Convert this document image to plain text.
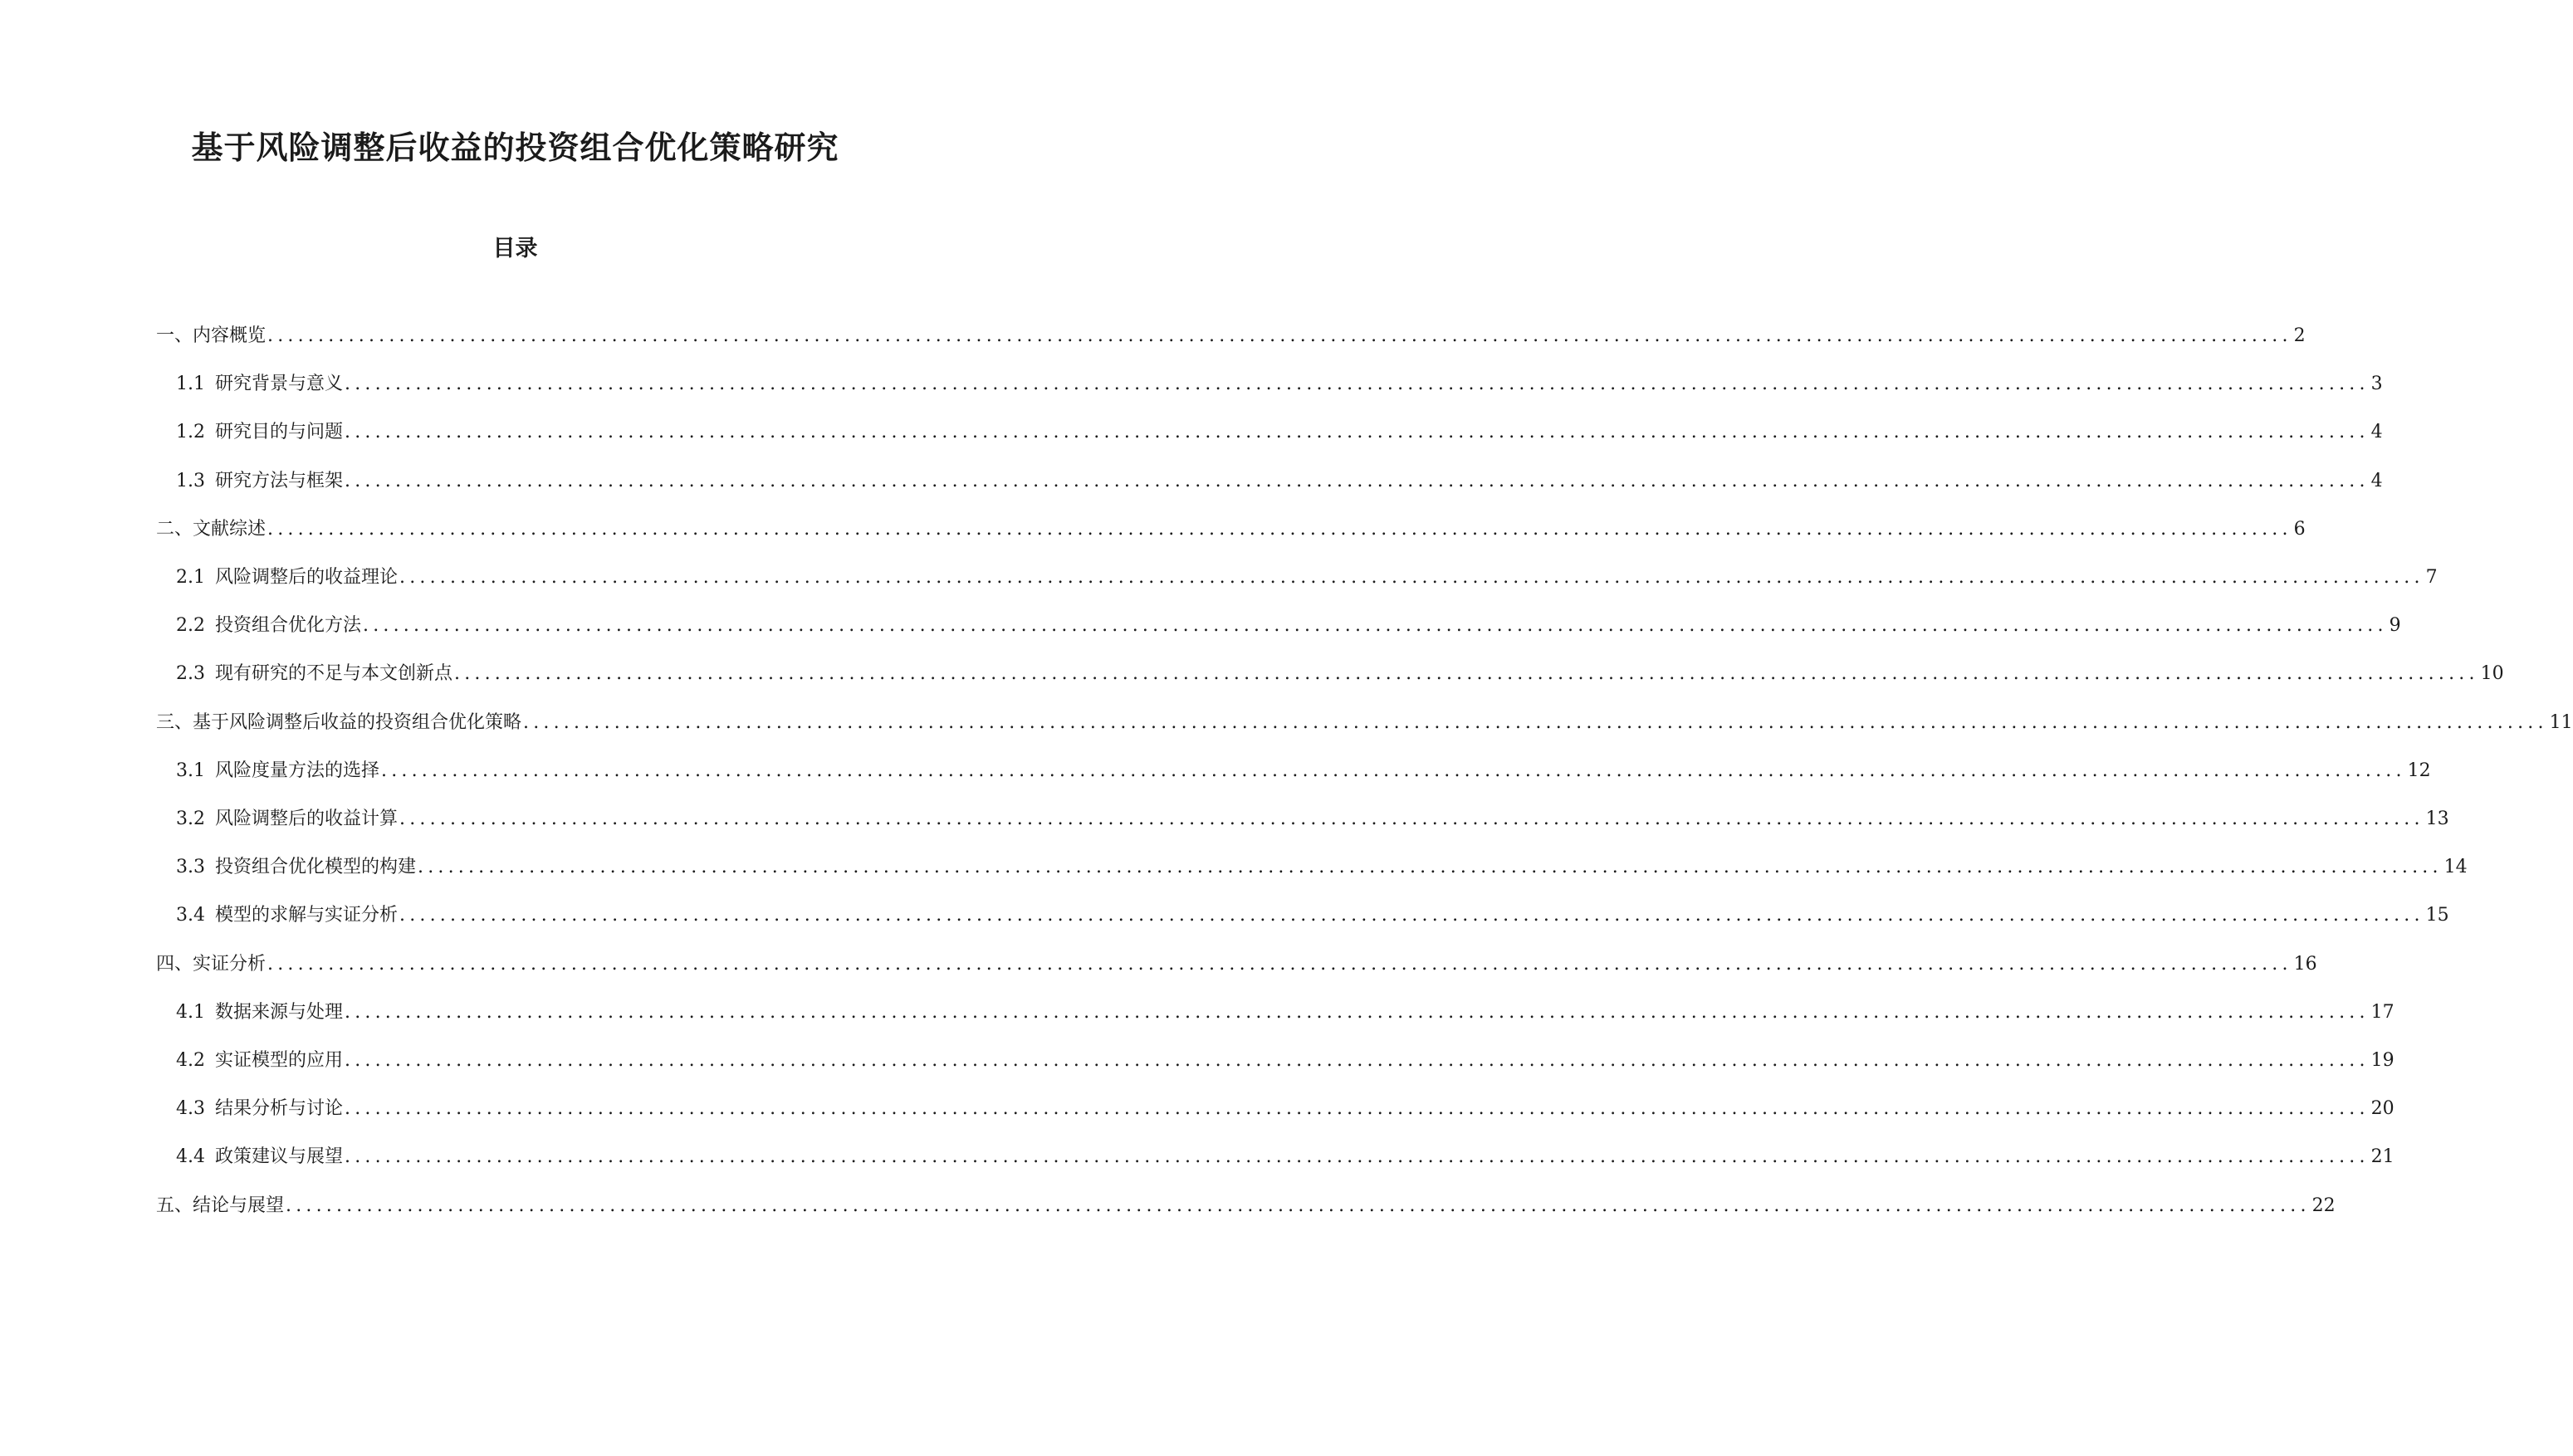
基于风险调整后收益的投资组合优化策略研究
目录
一、内容概览 ........................................................................................................................................................................................................ 2
1.1 研究背景与意义 ........................................................................................................................................................................................................ 3
1.2 研究目的与问题 ........................................................................................................................................................................................................ 4
1.3 研究方法与框架 ........................................................................................................................................................................................................ 4
二、文献综述 ........................................................................................................................................................................................................ 6
2.1 风险调整后的收益理论 ........................................................................................................................................................................................................ 7
2.2 投资组合优化方法 ........................................................................................................................................................................................................ 9
2.3 现有研究的不足与本文创新点 ........................................................................................................................................................................................................ 10
三、基于风险调整后收益的投资组合优化策略 ........................................................................................................................................................................................................ 11
3.1 风险度量方法的选择 ........................................................................................................................................................................................................ 12
3.2 风险调整后的收益计算 ........................................................................................................................................................................................................ 13
3.3 投资组合优化模型的构建 ........................................................................................................................................................................................................ 14
3.4 模型的求解与实证分析 ........................................................................................................................................................................................................ 15
四、实证分析 ........................................................................................................................................................................................................ 16
4.1 数据来源与处理 ........................................................................................................................................................................................................ 17
4.2 实证模型的应用 ........................................................................................................................................................................................................ 19
4.3 结果分析与讨论 ........................................................................................................................................................................................................ 20
4.4 政策建议与展望 ........................................................................................................................................................................................................ 21
五、结论与展望 ........................................................................................................................................................................................................ 22
